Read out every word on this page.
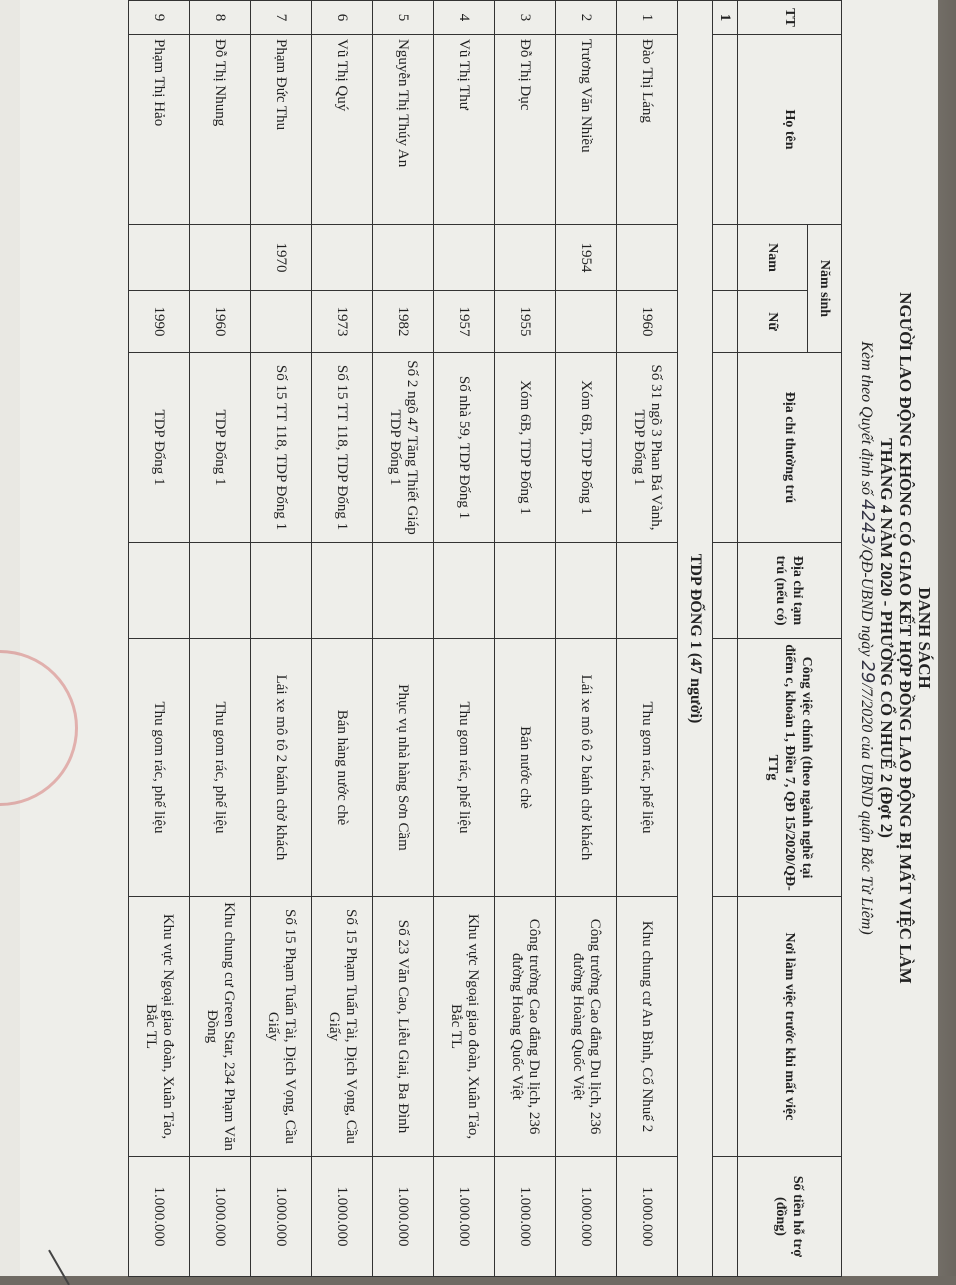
DANH SÁCH
NGƯỜI LAO ĐỘNG KHÔNG CÓ GIAO KẾT HỢP ĐỒNG LAO ĐỘNG BỊ MẤT VIỆC LÀM
THÁNG 4 NĂM 2020 - PHƯỜNG CỔ NHUẾ 2 (Đợt 2)
Kèm theo Quyết định số 4243/QĐ-UBND ngày 29/7/2020 của UBND quận Bắc Từ Liêm)
TT	Họ tên	Năm sinh		Địa chỉ thường trú	Địa chỉ tạm trú (nếu có)	Công việc chính (theo ngành nghề tại điểm c, khoản 1, Điều 7, QĐ 15/2020/QĐ-TTg	Nơi làm việc trước khi mất việc	Số tiền hỗ trợ (đồng)
		Nam	Nữ					
1								
TDP ĐỐNG 1 (47 người)								
1	Đào Thị Láng		1960	Số 31 ngõ 3 Phan Bá Vành, TDP Đống 1		Thu gom rác, phế liệu	Khu chung cư An Bình, Cổ Nhuế 2	1.000.000
2	Trương Văn Nhiều	1954		Xóm 6B, TDP Đống 1		Lái xe mô tô 2 bánh chở khách	Công trường Cao đẳng Du lịch, 236 đường Hoàng Quốc Việt	1.000.000
3	Đỗ Thị Dục		1955	Xóm 6B, TDP Đống 1		Bán nước chè	Công trường Cao đẳng Du lịch, 236 đường Hoàng Quốc Việt	1.000.000
4	Vũ Thị Thư		1957	Số nhà 59, TDP Đống 1		Thu gom rác, phế liệu	Khu vực Ngoại giao đoàn, Xuân Tảo, Bắc TL	1.000.000
5	Nguyễn Thị Thúy An		1982	Số 2 ngõ 47 Tăng Thiết Giáp TDP Đống 1		Phục vụ nhà hàng Sơn Cầm	Số 23 Văn Cao, Liễu Giai, Ba Đình	1.000.000
6	Vũ Thị Quý		1973	Số 15 TT 118, TDP Đống 1		Bán hàng nước chè	Số 15 Phạm Tuấn Tài, Dịch Vọng, Cầu Giấy	1.000.000
7	Phạm Đức Thu	1970		Số 15 TT 118, TDP Đống 1		Lái xe mô tô 2 bánh chở khách	Số 15 Phạm Tuấn Tài, Dịch Vọng, Cầu Giấy	1.000.000
8	Đỗ Thị Nhung		1960	TDP Đống 1		Thu gom rác, phế liệu	Khu chung cư Green Star, 234 Phạm Văn Đồng	1.000.000
9	Phạm Thị Hảo		1990	TDP Đống 1		Thu gom rác, phế liệu	Khu vực Ngoại giao đoàn, Xuân Tảo, Bắc TL	1.000.000
